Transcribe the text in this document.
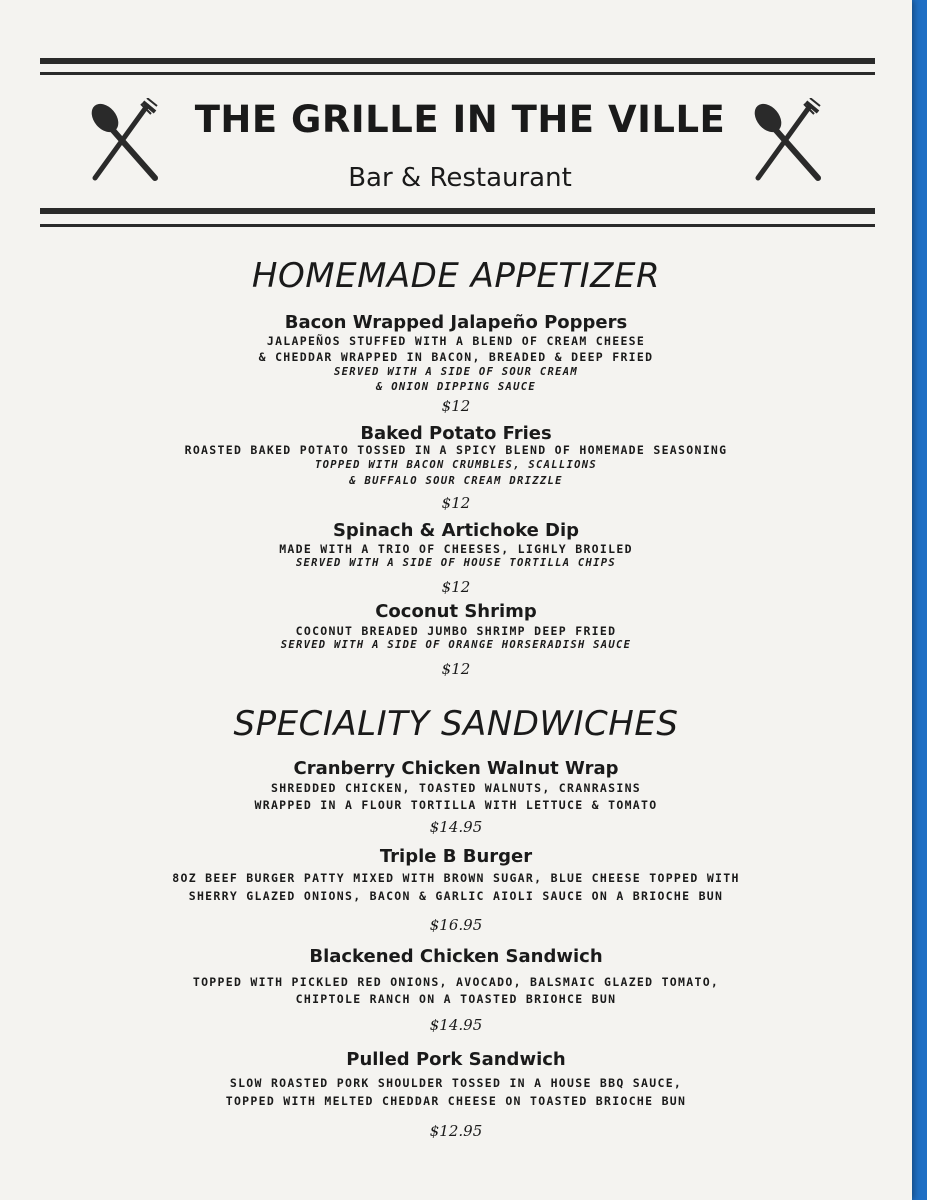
THE GRILLE IN THE VILLE
Bar & Restaurant
HOMEMADE APPETIZER
Bacon Wrapped Jalapeño Poppers
JALAPEÑOS STUFFED WITH A BLEND OF CREAM CHEESE
& CHEDDAR WRAPPED IN BACON, BREADED & DEEP FRIED
SERVED WITH A SIDE OF SOUR CREAM
& ONION DIPPING SAUCE
$12
Baked Potato Fries
ROASTED BAKED POTATO TOSSED IN A SPICY BLEND OF HOMEMADE SEASONING
TOPPED WITH BACON CRUMBLES, SCALLIONS
& BUFFALO SOUR CREAM DRIZZLE
$12
Spinach & Artichoke Dip
MADE WITH A TRIO OF CHEESES, LIGHLY BROILED
SERVED WITH A SIDE OF HOUSE TORTILLA CHIPS
$12
Coconut Shrimp
COCONUT BREADED JUMBO SHRIMP DEEP FRIED
SERVED WITH A SIDE OF ORANGE HORSERADISH SAUCE
$12
SPECIALITY SANDWICHES
Cranberry Chicken Walnut Wrap
SHREDDED CHICKEN, TOASTED WALNUTS, CRANRASINS
WRAPPED IN A FLOUR TORTILLA WITH LETTUCE & TOMATO
$14.95
Triple B Burger
8OZ BEEF BURGER PATTY MIXED WITH BROWN SUGAR, BLUE CHEESE TOPPED WITH
SHERRY GLAZED ONIONS, BACON & GARLIC AIOLI SAUCE ON A BRIOCHE BUN
$16.95
Blackened Chicken Sandwich
TOPPED WITH PICKLED RED ONIONS, AVOCADO, BALSMAIC GLAZED TOMATO,
CHIPTOLE RANCH ON A TOASTED BRIOHCE BUN
$14.95
Pulled Pork Sandwich
SLOW ROASTED PORK SHOULDER TOSSED IN A HOUSE BBQ SAUCE,
TOPPED WITH MELTED CHEDDAR CHEESE ON TOASTED BRIOCHE BUN
$12.95
